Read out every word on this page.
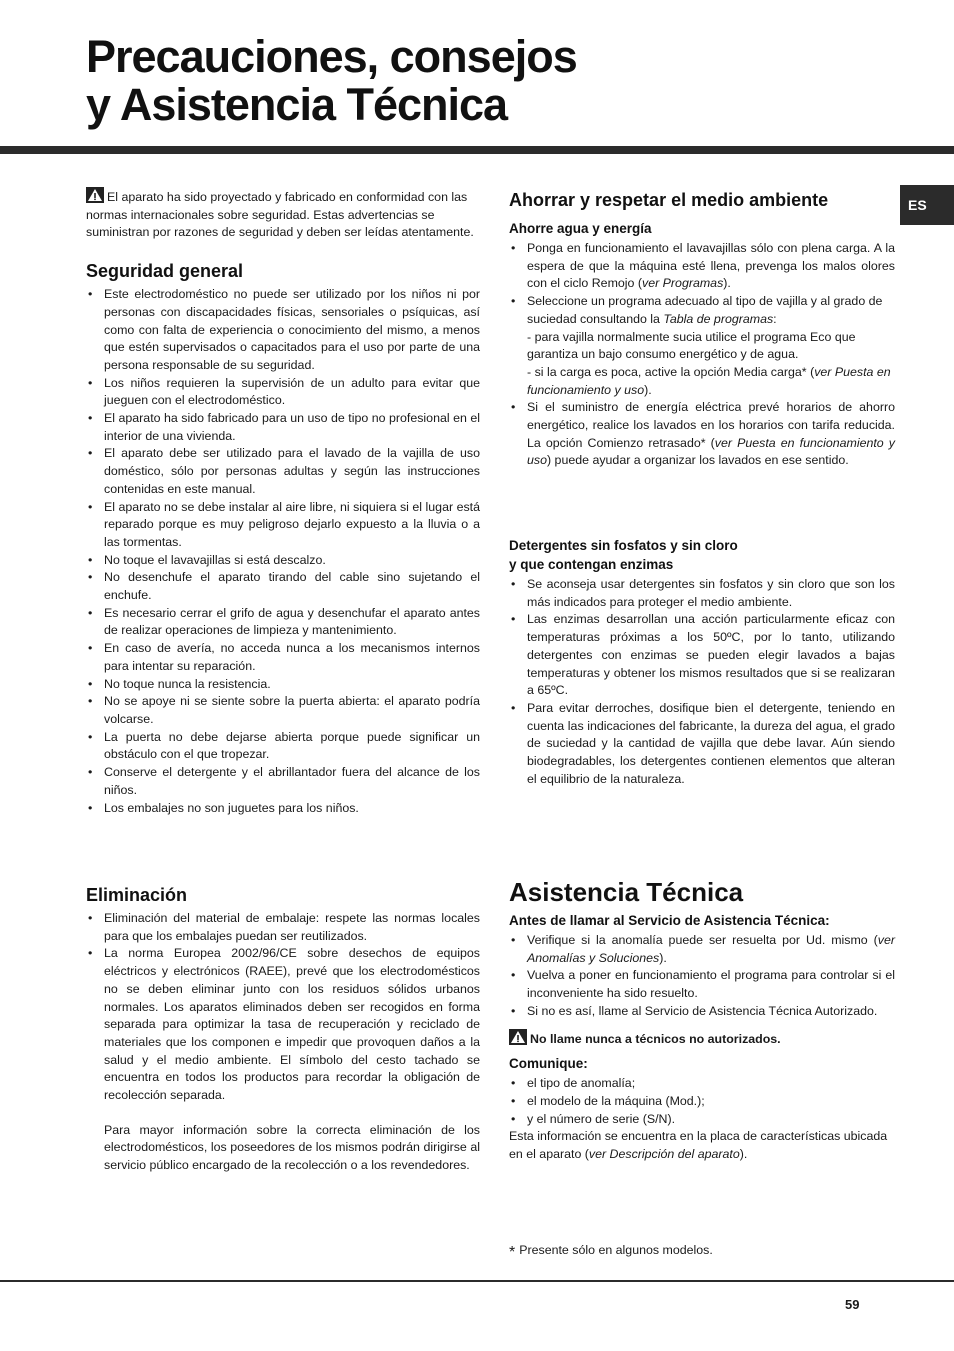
Precauciones, consejos
y Asistencia Técnica
ES

El aparato ha sido proyectado y fabricado en conformidad con las normas internacionales sobre seguridad. Estas advertencias se suministran por razones de seguridad y deben ser leídas atentamente.

Seguridad general
• Este electrodoméstico no puede ser utilizado por los niños ni por personas con discapacidades físicas, sensoriales o psíquicas, así como con falta de experiencia o conocimiento del mismo, a menos que estén supervisados o capacitados para el uso por parte de una persona responsable de su seguridad.
• Los niños requieren la supervisión de un adulto para evitar que jueguen con el electrodoméstico.
• El aparato ha sido fabricado para un uso de tipo no profesional en el interior de una vivienda.
• El aparato debe ser utilizado para el lavado de la vajilla de uso doméstico, sólo por personas adultas y según las instrucciones contenidas en este manual.
• El aparato no se debe instalar al aire libre, ni siquiera si el lugar está reparado porque es muy peligroso dejarlo expuesto a la lluvia o a las tormentas.
• No toque el lavavajillas si está descalzo.
• No desenchufe el aparato tirando del cable sino sujetando el enchufe.
• Es necesario cerrar el grifo de agua y desenchufar el aparato antes de realizar operaciones de limpieza y mantenimiento.
• En caso de avería, no acceda nunca a los mecanismos internos para intentar su reparación.
• No toque nunca la resistencia.
• No se apoye ni se siente sobre la puerta abierta: el aparato podría volcarse.
• La puerta no debe dejarse abierta porque puede significar un obstáculo con el que tropezar.
• Conserve el detergente y el abrillantador fuera del alcance de los niños.
• Los embalajes no son juguetes para los niños.
Eliminación
• Eliminación del material de embalaje: respete las normas locales para que los embalajes puedan ser reutilizados.
• La norma Europea 2002/96/CE sobre desechos de equipos eléctricos y electrónicos (RAEE), prevé que los electrodomésticos no se deben eliminar junto con los residuos sólidos urbanos normales. Los aparatos eliminados deben ser recogidos en forma separada para optimizar la tasa de recuperación y reciclado de materiales que los componen e impedir que provoquen daños a la salud y el medio ambiente. El símbolo del cesto tachado se encuentra en todos los productos para recordar la obligación de recolección separada.
Para mayor información sobre la correcta eliminación de los electrodomésticos, los poseedores de los mismos podrán dirigirse al servicio público encargado de la recolección o a los revendedores.
Ahorrar y respetar el medio ambiente
Ahorre agua y energía
• Ponga en funcionamiento el lavavajillas sólo con plena carga. A la espera de que la máquina esté llena, prevenga los malos olores con el ciclo Remojo (ver Programas).
• Seleccione un programa adecuado al tipo de vajilla y al grado de suciedad consultando la Tabla de programas:
- para vajilla normalmente sucia utilice el programa Eco que garantiza un bajo consumo energético y de agua.
- si la carga es poca, active la opción Media carga* (ver Puesta en funcionamiento y uso).
• Si el suministro de energía eléctrica prevé horarios de ahorro energético, realice los lavados en los horarios con tarifa reducida. La opción Comienzo retrasado* (ver Puesta en funcionamiento y uso) puede ayudar a organizar los lavados en ese sentido.
Detergentes sin fosfatos y sin cloro
y que contengan enzimas
• Se aconseja usar detergentes sin fosfatos y sin cloro que son los más indicados para proteger el medio ambiente.
• Las enzimas desarrollan una acción particularmente eficaz con temperaturas próximas a los 50ºC, por lo tanto, utilizando detergentes con enzimas se pueden elegir lavados a bajas temperaturas y obtener los mismos resultados que si se realizaran a 65ºC.
• Para evitar derroches, dosifique bien el detergente, teniendo en cuenta las indicaciones del fabricante, la dureza del agua, el grado de suciedad y la cantidad de vajilla que debe lavar. Aún siendo biodegradables, los detergentes contienen elementos que alteran el equilibrio de la naturaleza.
Asistencia Técnica
Antes de llamar al Servicio de Asistencia Técnica:
• Verifique si la anomalía puede ser resuelta por Ud. mismo (ver Anomalías y Soluciones).
• Vuelva a poner en funcionamiento el programa para controlar si el inconveniente ha sido resuelto.
• Si no es así, llame al Servicio de Asistencia Técnica Autorizado.

No llame nunca a técnicos no autorizados.

Comunique:
• el tipo de anomalía;
• el modelo de la máquina (Mod.);
• y el número de serie (S/N).

Esta información se encuentra en la placa de características ubicada en el aparato (ver Descripción del aparato).

* Presente sólo en algunos modelos.
59
